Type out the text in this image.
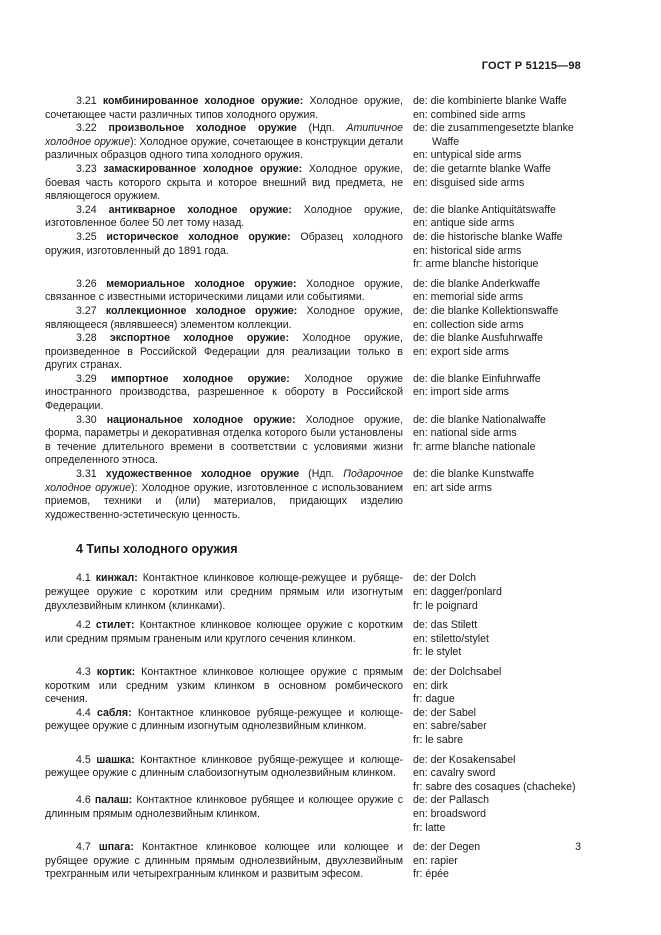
ГОСТ Р 51215—98

3.21 комбинированное холодное оружие: Холодное оружие, сочетающее части различных типов холодного оружия.

de: die kombinierte blanke Waffe
en: combined side arms

3.22 произвольное холодное оружие (Ндп. Атипичное холодное оружие): Холодное оружие, сочетающее в конструкции детали различных образцов одного типа холодного оружия.

de: die zusammengesetzte blanke
Waffe
en: untypical side arms

3.23 замаскированное холодное оружие: Холодное оружие, боевая часть которого скрыта и которое внешний вид предмета, не являющегося оружием.

de: die getarnte blanke Waffe
en: disguised side arms

3.24 антикварное холодное оружие: Холодное оружие, изготовленное более 50 лет тому назад.

de: die blanke Antiquitätswaffe
en: antique side arms

3.25 историческое холодное оружие: Образец холодного оружия, изготовленный до 1891 года.

de: die historische blanke Waffe
en: historical side arms
fr: arme blanche historique

3.26 мемориальное холодное оружие: Холодное оружие, связанное с известными историческими лицами или событиями.

de: die blanke Anderkwaffe
en: memorial side arms

3.27 коллекционное холодное оружие: Холодное оружие, являющееся (являвшееся) элементом коллекции.

de: die blanke Kollektionswaffe
en: collection side arms

3.28 экспортное холодное оружие: Холодное оружие, произведенное в Российской Федерации для реализации только в других странах.

de: die blanke Ausfuhrwaffe
en: export side arms

3.29 импортное холодное оружие: Холодное оружие иностранного производства, разрешенное к обороту в Российской Федерации.

de: die blanke Einfuhrwaffe
en: import side arms

3.30 национальное холодное оружие: Холодное оружие, форма, параметры и декоративная отделка которого были установлены в течение длительного времени в соответствии с условиями жизни определенного этноса.

de: die blanke Nationalwaffe
en: national side arms
fr: arme blanche nationale

3.31 художественное холодное оружие (Ндп. Подарочное холодное оружие): Холодное оружие, изготовленное с использованием приемов, техники и (или) материалов, придающих изделию художественно-эстетическую ценность.

de: die blanke Kunstwaffe
en: art side arms
4 Типы холодного оружия

4.1 кинжал: Контактное клинковое колюще-режущее и рубяще-режущее оружие с коротким или средним прямым или изогнутым двухлезвийным клинком (клинками).

de: der Dolch
en: dagger/ponlard
fr: le poignard

4.2 стилет: Контактное клинковое колющее оружие с коротким или средним прямым граненым или круглого сечения клинком.

de: das Stilett
en: stiletto/stylet
fr: le stylet

4.3 кортик: Контактное клинковое колющее оружие с прямым коротким или средним узким клинком в основном ромбического сечения.

de: der Dolchsabel
en: dirk
fr: dague

4.4 сабля: Контактное клинковое рубяще-режущее и колюще-режущее оружие с длинным изогнутым однолезвийным клинком.

de: der Sabel
en: sabre/saber
fr: le sabre

4.5 шашка: Контактное клинковое рубяще-режущее и колюще-режущее оружие с длинным слабоизогнутым однолезвийным клинком.

de: der Kosakensabel
en: cavalry sword
fr: sabre des cosaques (chacheke)

4.6 палаш: Контактное клинковое рубящее и колющее оружие с длинным прямым однолезвийным клинком.

de: der Pallasch
en: broadsword
fr: latte

4.7 шпага: Контактное клинковое колющее или колющее и рубящее оружие с длинным прямым однолезвийным, двухлезвийным трехгранным или четырехгранным клинком и развитым эфесом.

de: der Degen
en: rapier
fr: épée
3
